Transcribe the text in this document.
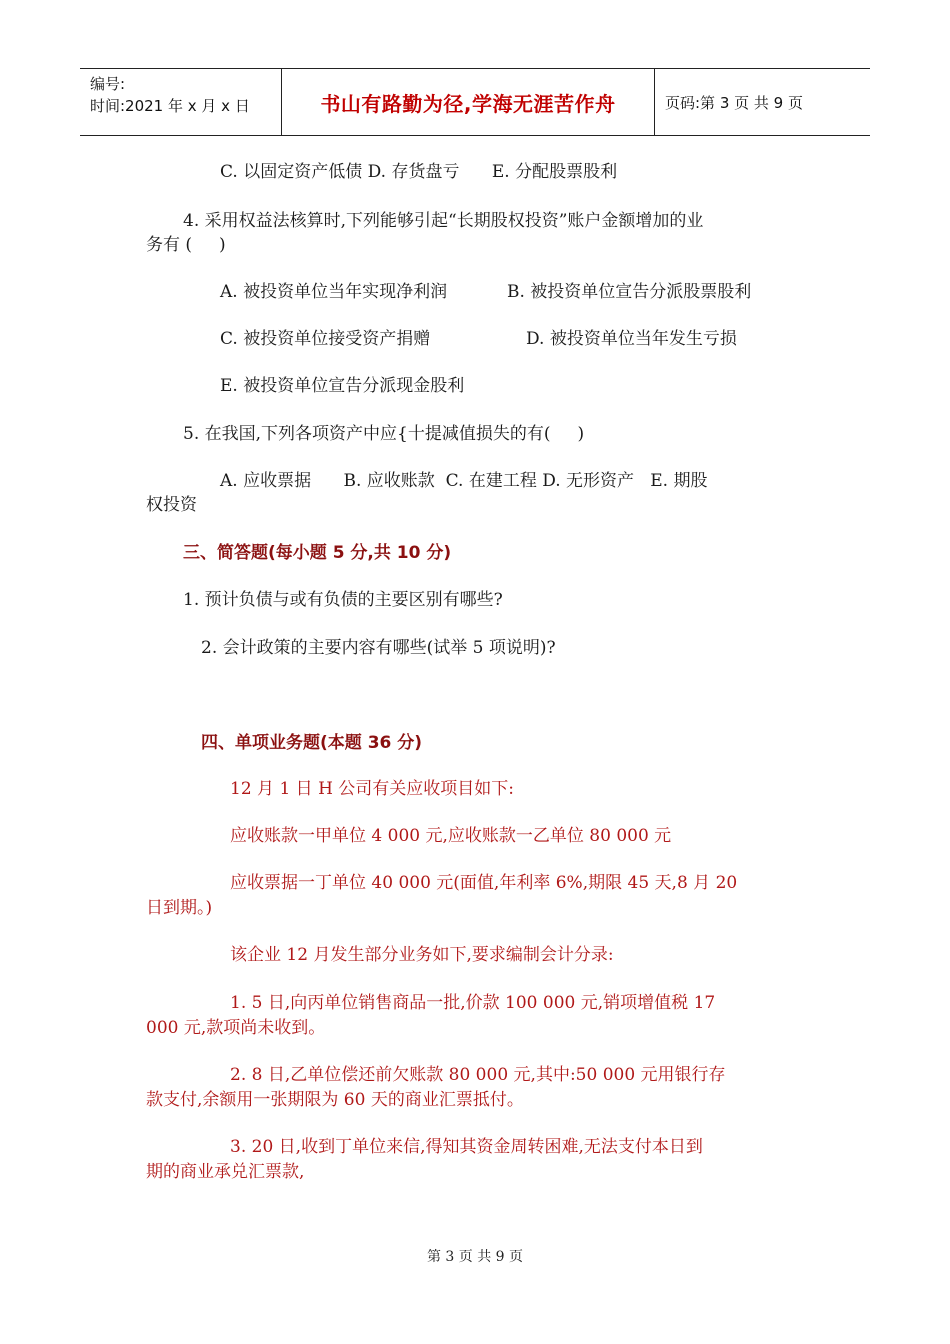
编号:
时间:2021 年 x 月 x 日	书山有路勤为径,学海无涯苦作舟	页码:第 3 页 共 9 页
C. 以固定资产低债 D. 存货盘亏      E. 分配股票股利
4. 采用权益法核算时,下列能够引起“长期股权投资”账户金额增加的业
务有 (     )
A. 被投资单位当年实现净利润	B. 被投资单位宣告分派股票股利
C. 被投资单位接受资产捐赠	D. 被投资单位当年发生亏损
E. 被投资单位宣告分派现金股利
5. 在我国,下列各项资产中应{十提减值损失的有(     )
A. 应收票据      B. 应收账款  C. 在建工程 D. 无形资产   E. 期股
权投资
三、简答题(每小题 5 分,共 10 分)
1. 预计负债与或有负债的主要区别有哪些?
2. 会计政策的主要内容有哪些(试举 5 项说明)?
四、单项业务题(本题 36 分)
12 月 1 日 H 公司有关应收项目如下:
应收账款一甲单位 4 000 元,应收账款一乙单位 80 000 元
应收票据一丁单位 40 000 元(面值,年利率 6%,期限 45 天,8 月 20
日到期。)
该企业 12 月发生部分业务如下,要求编制会计分录:
1. 5 日,向丙单位销售商品一批,价款 100 000 元,销项增值税 17
000 元,款项尚未收到。
2. 8 日,乙单位偿还前欠账款 80 000 元,其中:50 000 元用银行存
款支付,余额用一张期限为 60 天的商业汇票抵付。
3. 20 日,收到丁单位来信,得知其资金周转困难,无法支付本日到
期的商业承兑汇票款,
第 3 页 共 9 页
